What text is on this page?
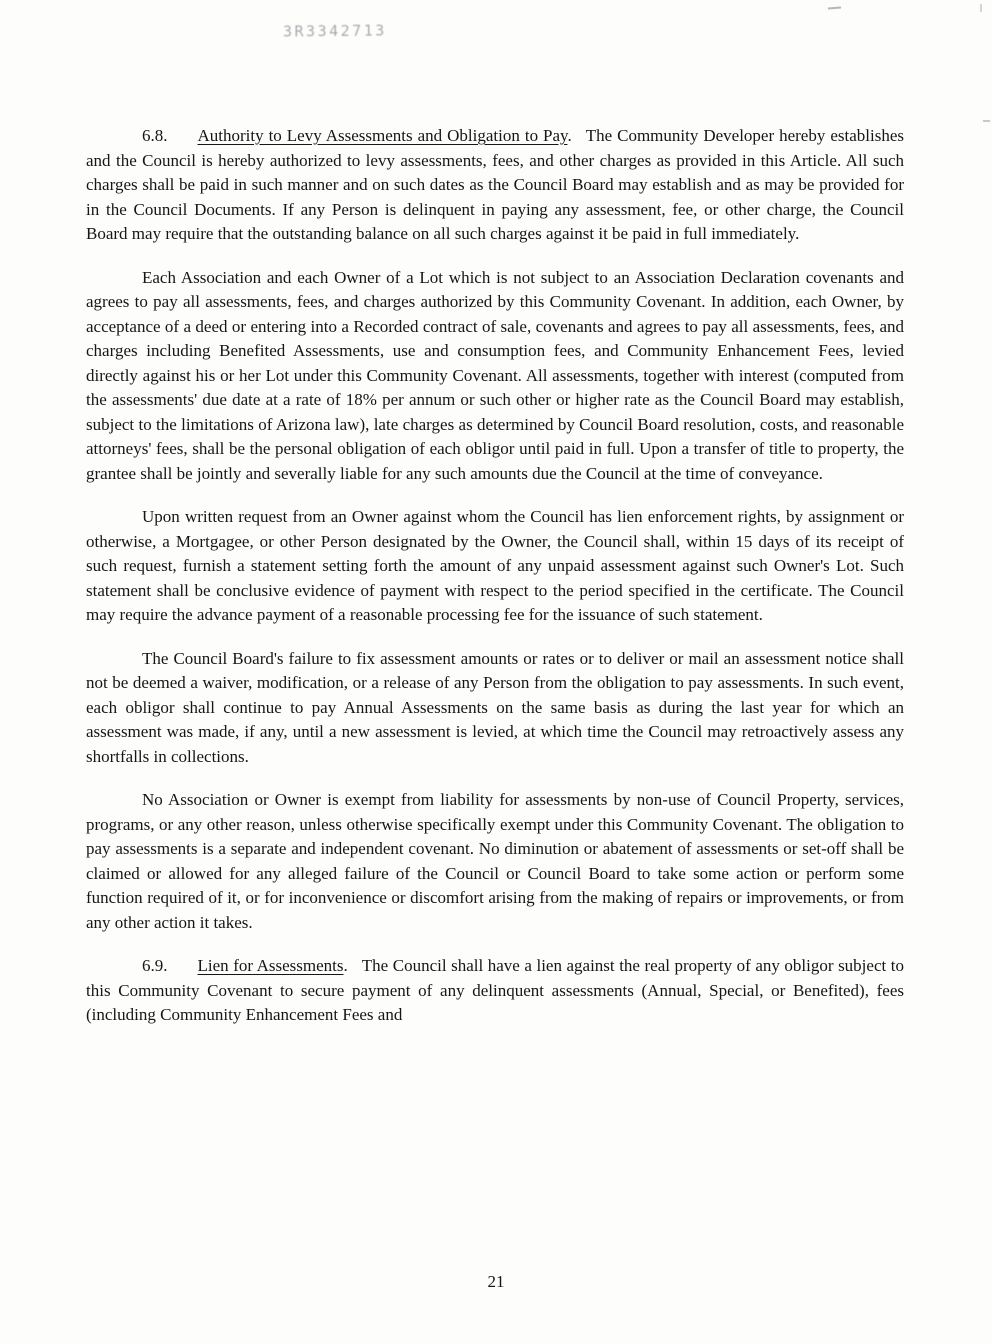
3R3342713

6.8. Authority to Levy Assessments and Obligation to Pay. The Community Developer hereby establishes and the Council is hereby authorized to levy assessments, fees, and other charges as provided in this Article. All such charges shall be paid in such manner and on such dates as the Council Board may establish and as may be provided for in the Council Documents. If any Person is delinquent in paying any assessment, fee, or other charge, the Council Board may require that the outstanding balance on all such charges against it be paid in full immediately.

Each Association and each Owner of a Lot which is not subject to an Association Declaration covenants and agrees to pay all assessments, fees, and charges authorized by this Community Covenant. In addition, each Owner, by acceptance of a deed or entering into a Recorded contract of sale, covenants and agrees to pay all assessments, fees, and charges including Benefited Assessments, use and consumption fees, and Community Enhancement Fees, levied directly against his or her Lot under this Community Covenant. All assessments, together with interest (computed from the assessments' due date at a rate of 18% per annum or such other or higher rate as the Council Board may establish, subject to the limitations of Arizona law), late charges as determined by Council Board resolution, costs, and reasonable attorneys' fees, shall be the personal obligation of each obligor until paid in full. Upon a transfer of title to property, the grantee shall be jointly and severally liable for any such amounts due the Council at the time of conveyance.

Upon written request from an Owner against whom the Council has lien enforcement rights, by assignment or otherwise, a Mortgagee, or other Person designated by the Owner, the Council shall, within 15 days of its receipt of such request, furnish a statement setting forth the amount of any unpaid assessment against such Owner's Lot. Such statement shall be conclusive evidence of payment with respect to the period specified in the certificate. The Council may require the advance payment of a reasonable processing fee for the issuance of such statement.

The Council Board's failure to fix assessment amounts or rates or to deliver or mail an assessment notice shall not be deemed a waiver, modification, or a release of any Person from the obligation to pay assessments. In such event, each obligor shall continue to pay Annual Assessments on the same basis as during the last year for which an assessment was made, if any, until a new assessment is levied, at which time the Council may retroactively assess any shortfalls in collections.

No Association or Owner is exempt from liability for assessments by non-use of Council Property, services, programs, or any other reason, unless otherwise specifically exempt under this Community Covenant. The obligation to pay assessments is a separate and independent covenant. No diminution or abatement of assessments or set-off shall be claimed or allowed for any alleged failure of the Council or Council Board to take some action or perform some function required of it, or for inconvenience or discomfort arising from the making of repairs or improvements, or from any other action it takes.

6.9. Lien for Assessments. The Council shall have a lien against the real property of any obligor subject to this Community Covenant to secure payment of any delinquent assessments (Annual, Special, or Benefited), fees (including Community Enhancement Fees and

21
